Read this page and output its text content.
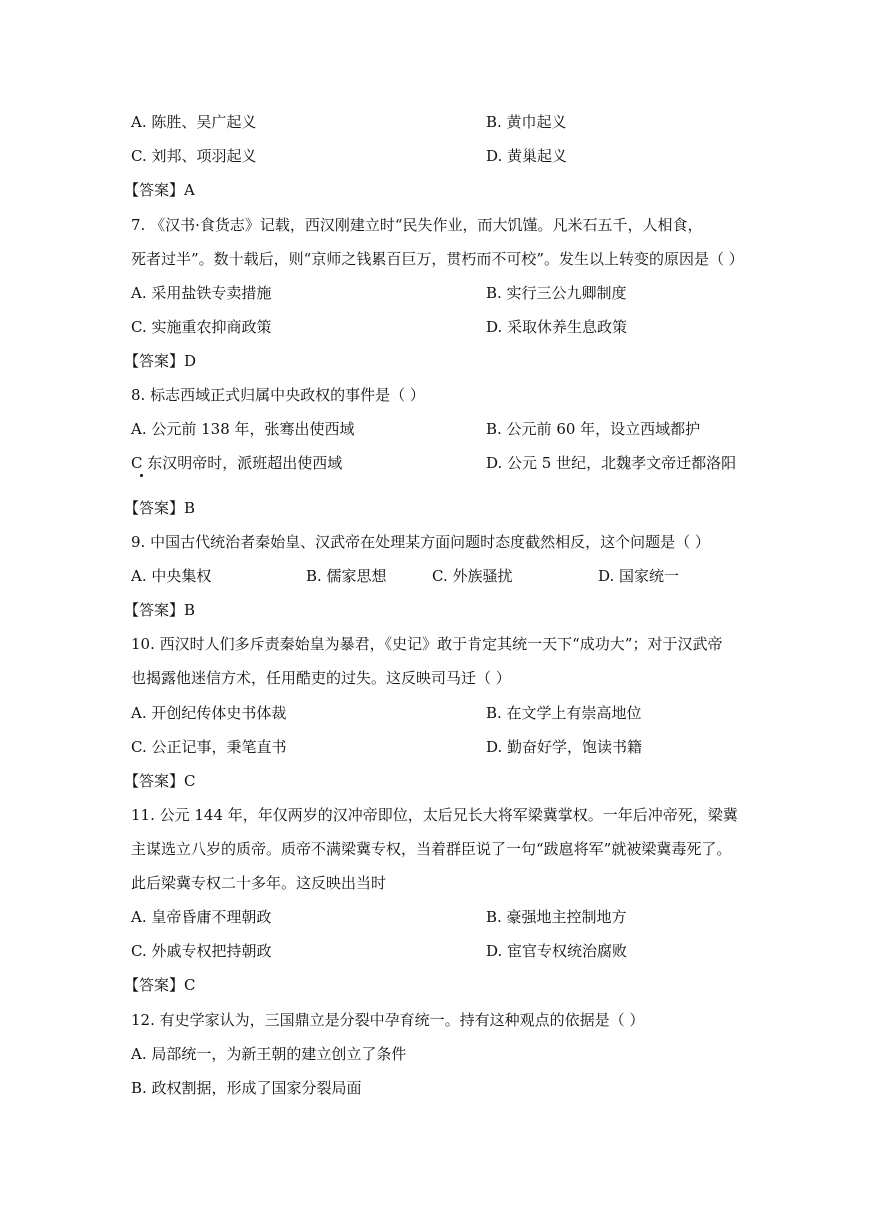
A. 陈胜、吴广起义	B. 黄巾起义
C. 刘邦、项羽起义	D. 黄巢起义
【答案】A
7. 《汉书·食货志》记载，西汉刚建立时“民失作业，而大饥馑。凡米石五千，人相食，
死者过半”。数十载后，则“京师之钱累百巨万，贯朽而不可校”。发生以上转变的原因是（ ）
A. 采用盐铁专卖措施	B. 实行三公九卿制度
C. 实施重农抑商政策	D. 采取休养生息政策
【答案】D
8. 标志西域正式归属中央政权的事件是（ ）
A. 公元前 138 年，张骞出使西域	B. 公元前 60 年，设立西域都护
C 东汉明帝时，派班超出使西域	D. 公元 5 世纪，北魏孝文帝迁都洛阳
【答案】B
9. 中国古代统治者秦始皇、汉武帝在处理某方面问题时态度截然相反，这个问题是（ ）
A. 中央集权	B. 儒家思想	C. 外族骚扰	D. 国家统一
【答案】B
10. 西汉时人们多斥责秦始皇为暴君，《史记》敢于肯定其统一天下“成功大”；对于汉武帝
也揭露他迷信方术，任用酷吏的过失。这反映司马迁（ ）
A. 开创纪传体史书体裁	B. 在文学上有崇高地位
C. 公正记事，秉笔直书	D. 勤奋好学，饱读书籍
【答案】C
11. 公元 144 年，年仅两岁的汉冲帝即位，太后兄长大将军梁冀掌权。一年后冲帝死，梁冀
主谋选立八岁的质帝。质帝不满梁冀专权，当着群臣说了一句“跋扈将军”就被梁冀毒死了。
此后梁冀专权二十多年。这反映出当时
A. 皇帝昏庸不理朝政	B. 豪强地主控制地方
C. 外戚专权把持朝政	D. 宦官专权统治腐败
【答案】C
12. 有史学家认为，三国鼎立是分裂中孕育统一。持有这种观点的依据是（ ）
A. 局部统一，为新王朝的建立创立了条件
B. 政权割据，形成了国家分裂局面
